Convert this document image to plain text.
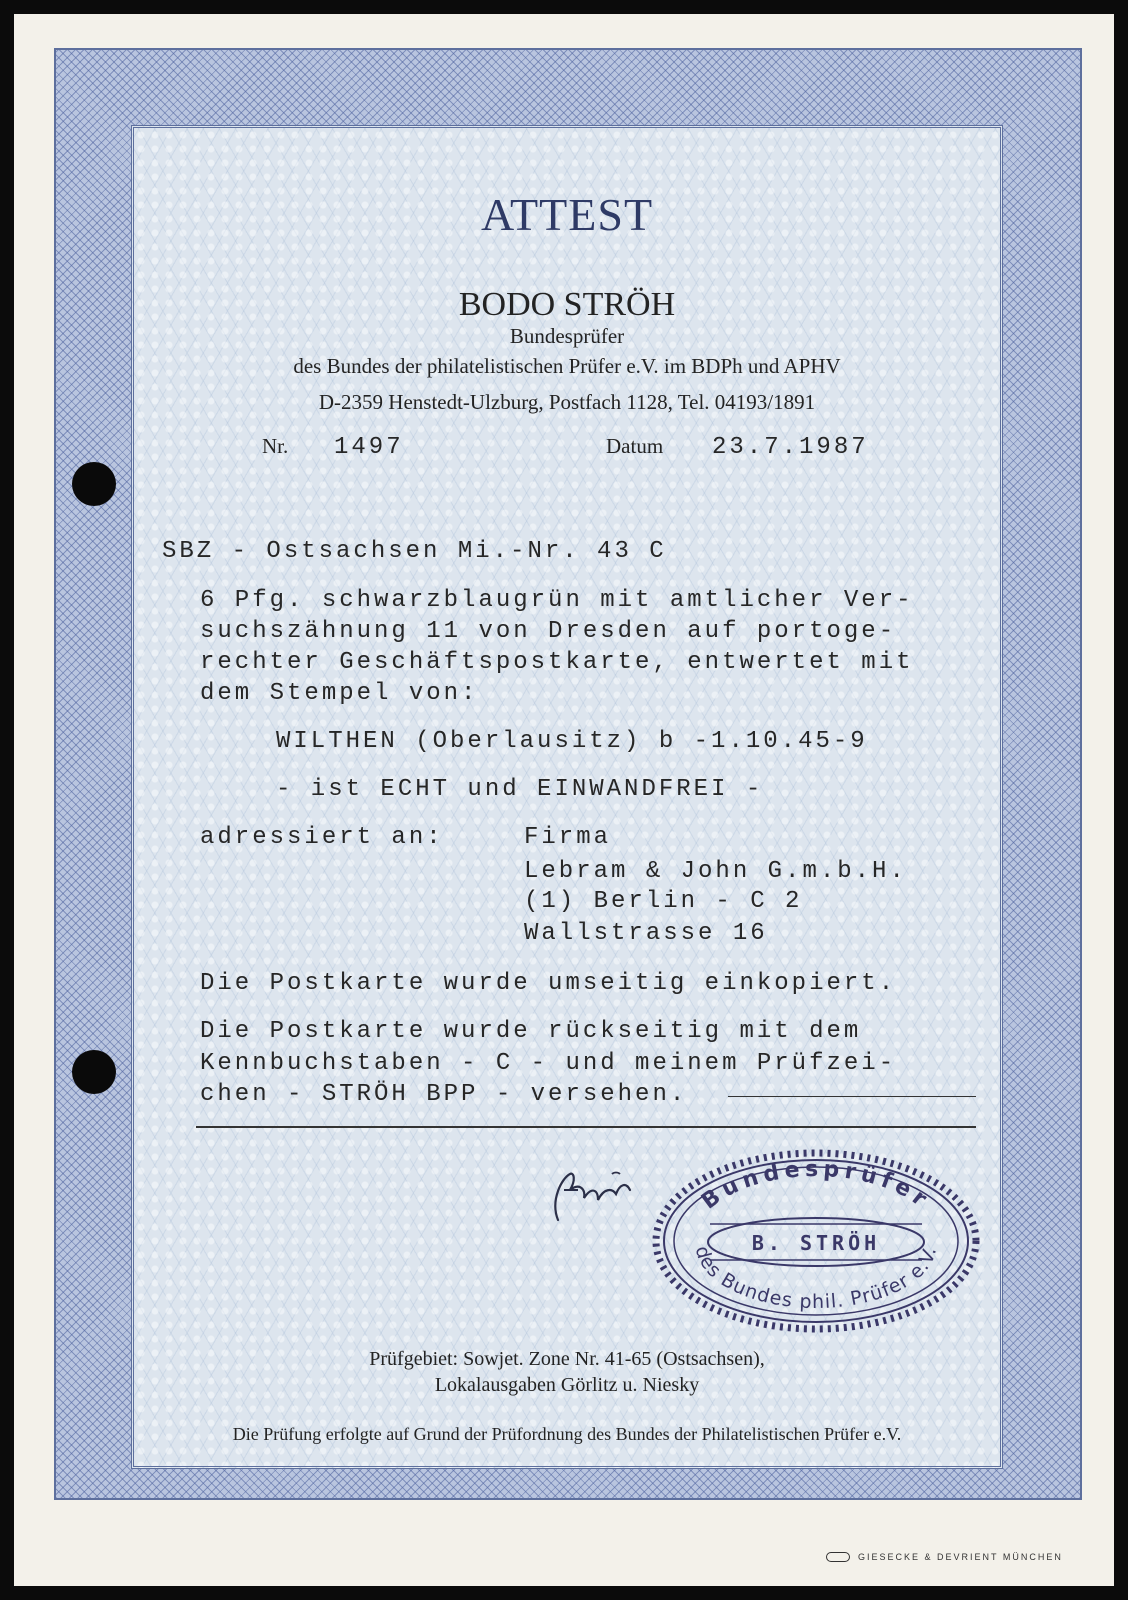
ATTEST
BODO STRÖH
Bundesprüfer
des Bundes der philatelistischen Prüfer e.V. im BDPh und APHV
D-2359 Henstedt-Ulzburg, Postfach 1128, Tel. 04193/1891
Nr. 1497	Datum 23.7.1987
SBZ - Ostsachsen Mi.-Nr. 43 C
6 Pfg. schwarzblaugrün mit amtlicher Ver-
suchszähnung 11 von Dresden auf portoge-
rechter Geschäftspostkarte, entwertet mit
dem Stempel von:
WILTHEN (Oberlausitz) b -1.10.45-9
- ist ECHT und EINWANDFREI -
adressiert an:	Firma
Lebram & John G.m.b.H.
(1) Berlin - C 2
Wallstrasse 16
Die Postkarte wurde umseitig einkopiert.
Die Postkarte wurde rückseitig mit dem
Kennbuchstaben - C - und meinem Prüfzei-
chen - STRÖH BPP - versehen.
Bundesprüfer
B. STRÖH
des Bundes phil. Prüfer e.V.
Prüfgebiet: Sowjet. Zone Nr. 41-65 (Ostsachsen),
Lokalausgaben Görlitz u. Niesky
Die Prüfung erfolgte auf Grund der Prüfordnung des Bundes der Philatelistischen Prüfer e.V.
GIESECKE & DEVRIENT MÜNCHEN
